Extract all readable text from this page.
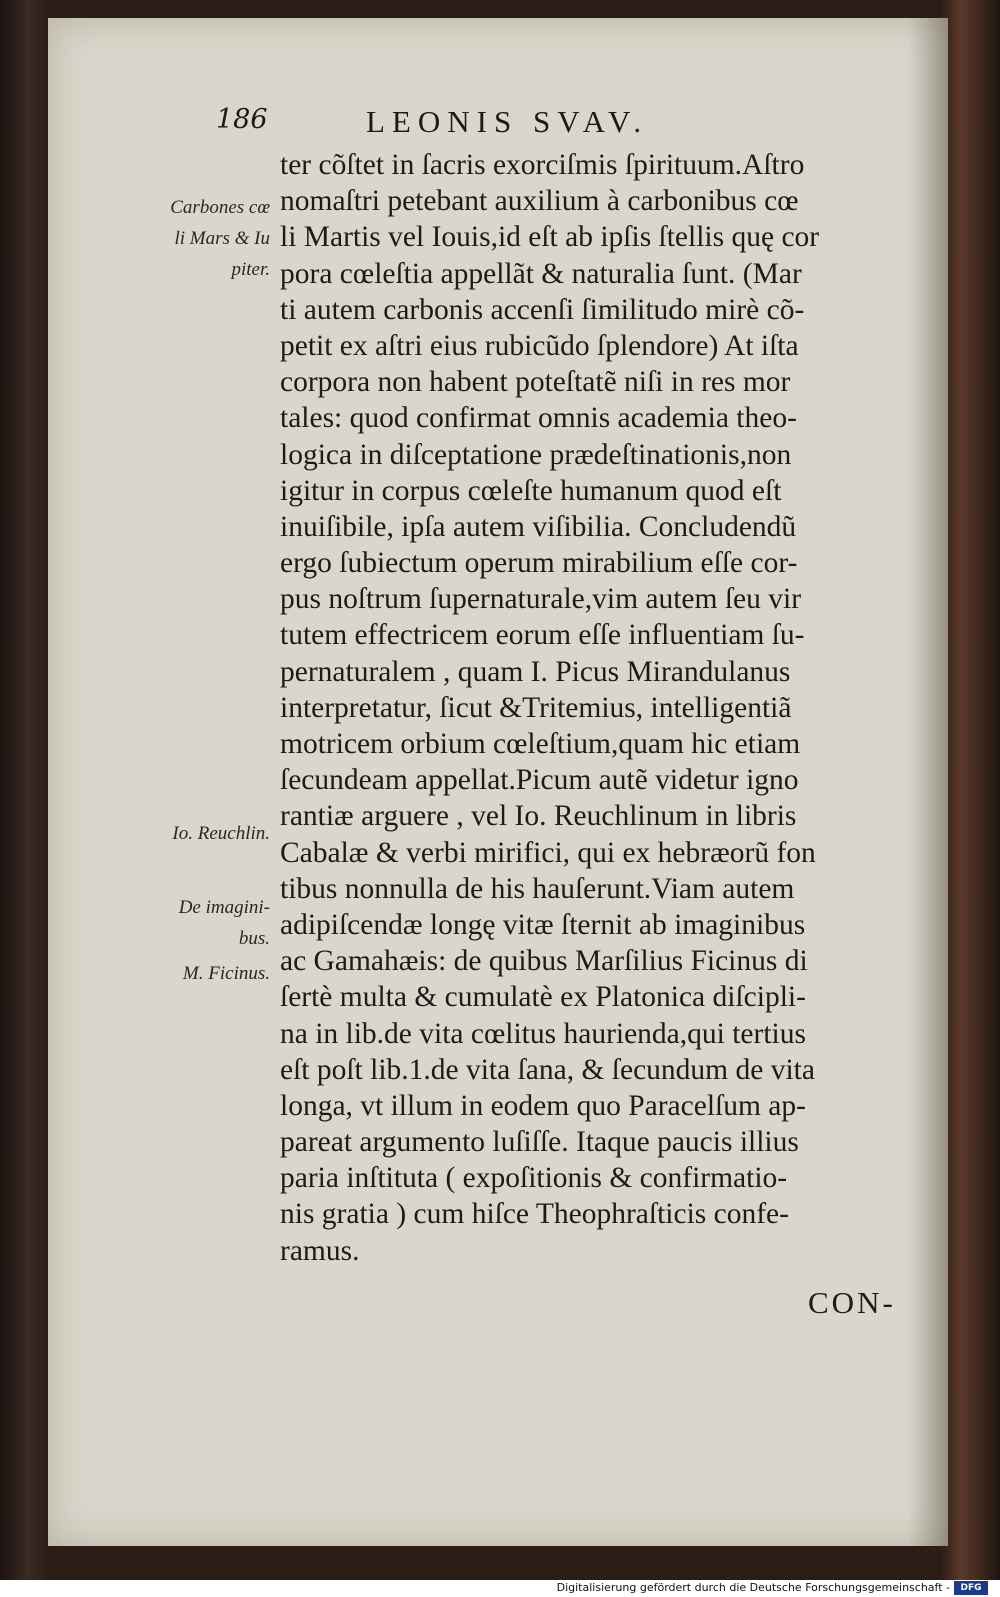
186	LEONIS SVAV.
ter cõſtet in ſacris exorciſmis ſpirituum.Aſtro
nomaſtri petebant auxilium à carbonibus cœ
li Martis vel Iouis,id eſt ab ipſis ſtellis quę cor
pora cœleſtia appellãt & naturalia ſunt. (Mar
ti autem carbonis accenſi ſimilitudo mirè cõ-
petit ex aſtri eius rubicũdo ſplendore) At iſta
corpora non habent poteſtatẽ niſi in res mor
tales: quod confirmat omnis academia theo-
logica in diſceptatione prædeſtinationis,non
igitur in corpus cœleſte humanum quod eſt
inuiſibile, ipſa autem viſibilia. Concludendũ
ergo ſubiectum operum mirabilium eſſe cor-
pus noſtrum ſupernaturale,vim autem ſeu vir
tutem effectricem eorum eſſe influentiam ſu-
pernaturalem , quam I. Picus Mirandulanus
interpretatur, ſicut &Tritemius, intelligentiã
motricem orbium cœleſtium,quam hic etiam
ſecundeam appellat.Picum autẽ videtur igno
rantiæ arguere , vel Io. Reuchlinum in libris
Cabalæ & verbi mirifici, qui ex hebræorũ fon
tibus nonnulla de his hauſerunt.Viam autem
adipiſcendæ longę vitæ ſternit ab imaginibus
ac Gamahæis: de quibus Marſilius Ficinus di
ſertè multa & cumulatè ex Platonica diſcipli-
na in lib.de vita cœlitus haurienda,qui tertius
eſt poſt lib.1.de vita ſana, & ſecundum de vita
longa, vt illum in eodem quo Paracelſum ap-
pareat argumento luſiſſe. Itaque paucis illius
paria inſtituta ( expoſitionis & confirmatio-
nis gratia ) cum hiſce Theophraſticis confe-
ramus.
Carbones cœ
li Mars & Iu
piter.
Io. Reuchlin.
De imagini-
bus.
M. Ficinus.
CON-
Digitalisierung gefördert durch die Deutsche Forschungsgemeinschaft -	DFG
